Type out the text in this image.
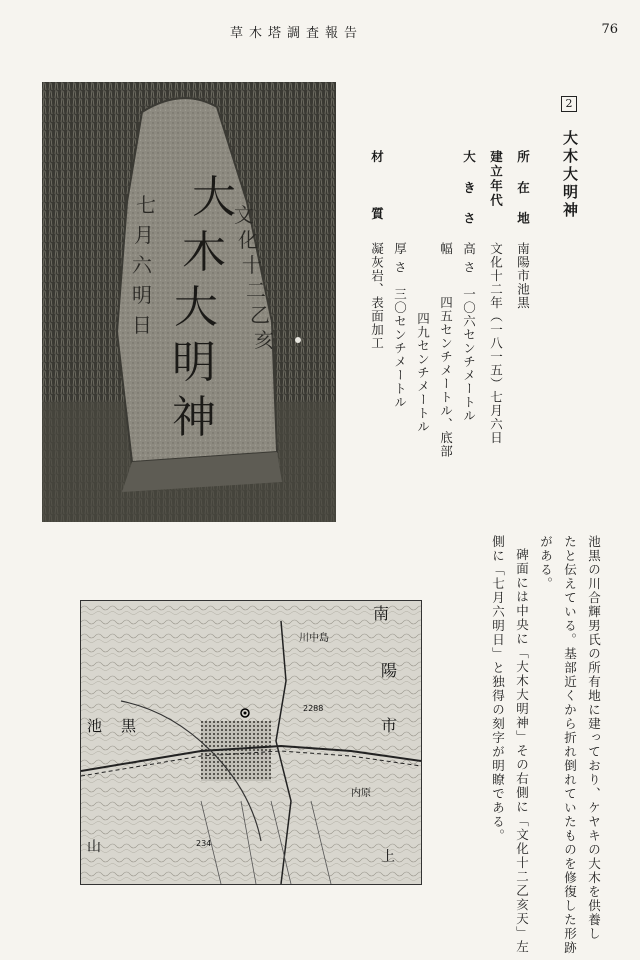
草木塔調査報告	76
大
木
大
明
神
文
化
十
二
乙
亥
七
月
六
明
日
2
大木大明神
所 在 地
建立年代
大 き さ
材　質
南陽市池黒
文化十二年（一八一五）七月六日
高 さ　一〇六センチメートル
幅　　　四五センチメートル、底部
四九センチメートル
厚 さ　三〇センチメートル
凝灰岩、表面加工
池黒の川合輝男氏の所有地に建っており、ケヤキの大木を供養し
たと伝えている。基部近くから折れ倒れていたものを修復した形跡
がある。
碑面には中央に「大木大明神」その右側に「文化十二乙亥天」左
側に「七月六明日」と独得の刻字が明瞭である。
南
陽
市
池 黒
川中島
内原
上
山
2288
234
